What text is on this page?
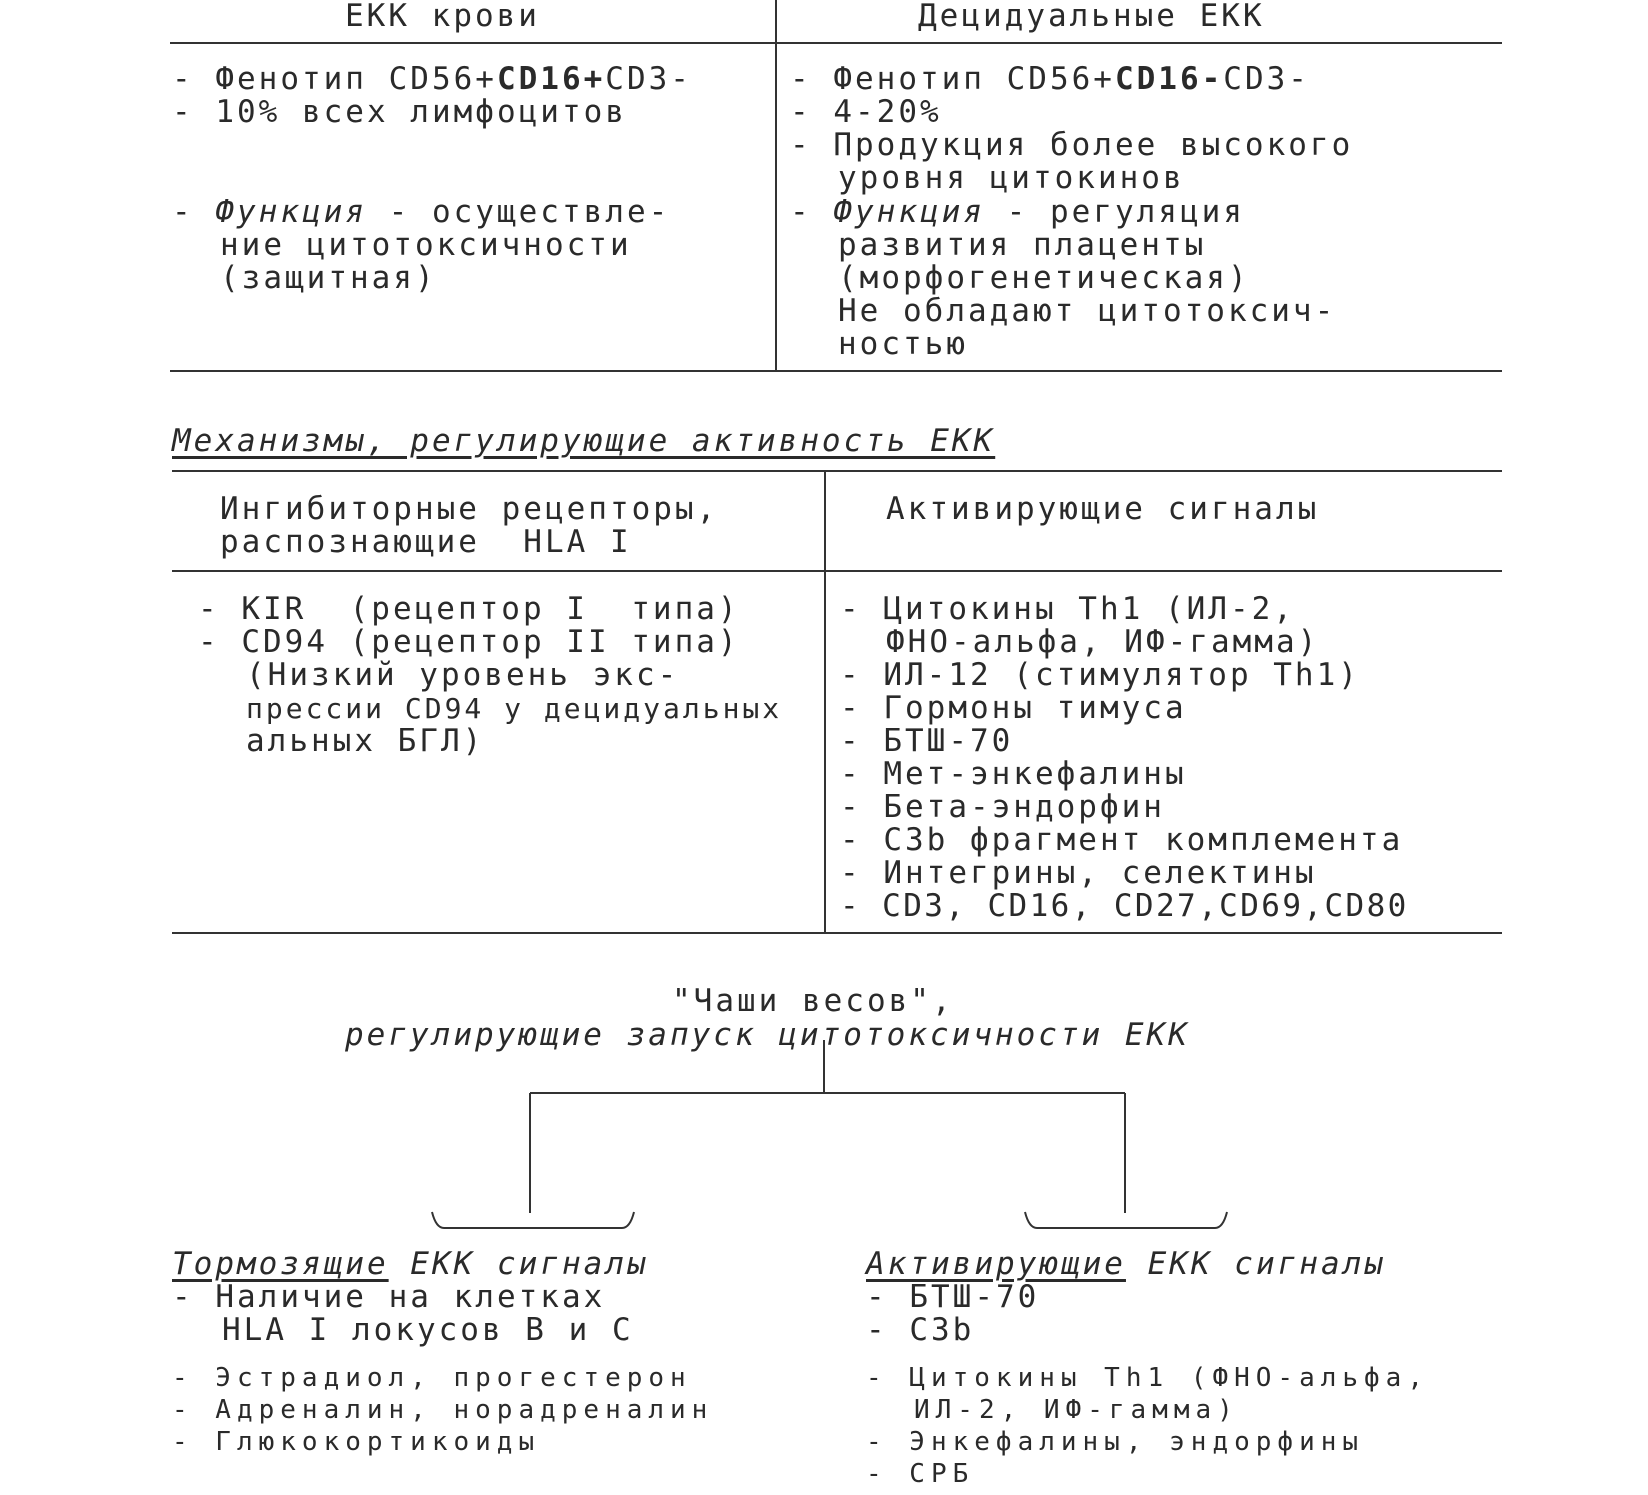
ЕКК крови	Децидуальные ЕКК
- Фенотип CD56+CD16+CD3-
- 10% всех лимфоцитов
- Функция - осуществле-
ние цитотоксичности
(защитная)
- Фенотип CD56+CD16-CD3-
- 4-20%
- Продукция более высокого
уровня цитокинов
- Функция - регуляция
развития плаценты
(морфогенетическая)
Не обладают цитотоксич-
ностью
Механизмы, регулирующие активность ЕКК
Ингибиторные рецепторы,
распознающие  HLA I
Активирующие сигналы
- KIR  (рецептор I  типа)
- CD94 (рецептор II типа)
(Низкий уровень экс-
прессии CD94 у децидуальных
альных БГЛ)
- Цитокины Th1 (ИЛ-2,
ФНО-альфа, ИФ-гамма)
- ИЛ-12 (стимулятор Th1)
- Гормоны тимуса
- БТШ-70
- Мет-энкефалины
- Бета-эндорфин
- C3b фрагмент комплемента
- Интегрины, селектины
- CD3, CD16, CD27,CD69,CD80
"Чаши весов",
регулирующие запуск цитотоксичности ЕКК
Тормозящие ЕКК сигналы
- Наличие на клетках
HLA I локусов В и С
- Эстрадиол, прогестерон
- Адреналин, норадреналин
- Глюкокортикоиды
Активирующие ЕКК сигналы
- БТШ-70
- C3b
- Цитокины Th1 (ФНО-альфа,
ИЛ-2, ИФ-гамма)
- Энкефалины, эндорфины
- СРБ
